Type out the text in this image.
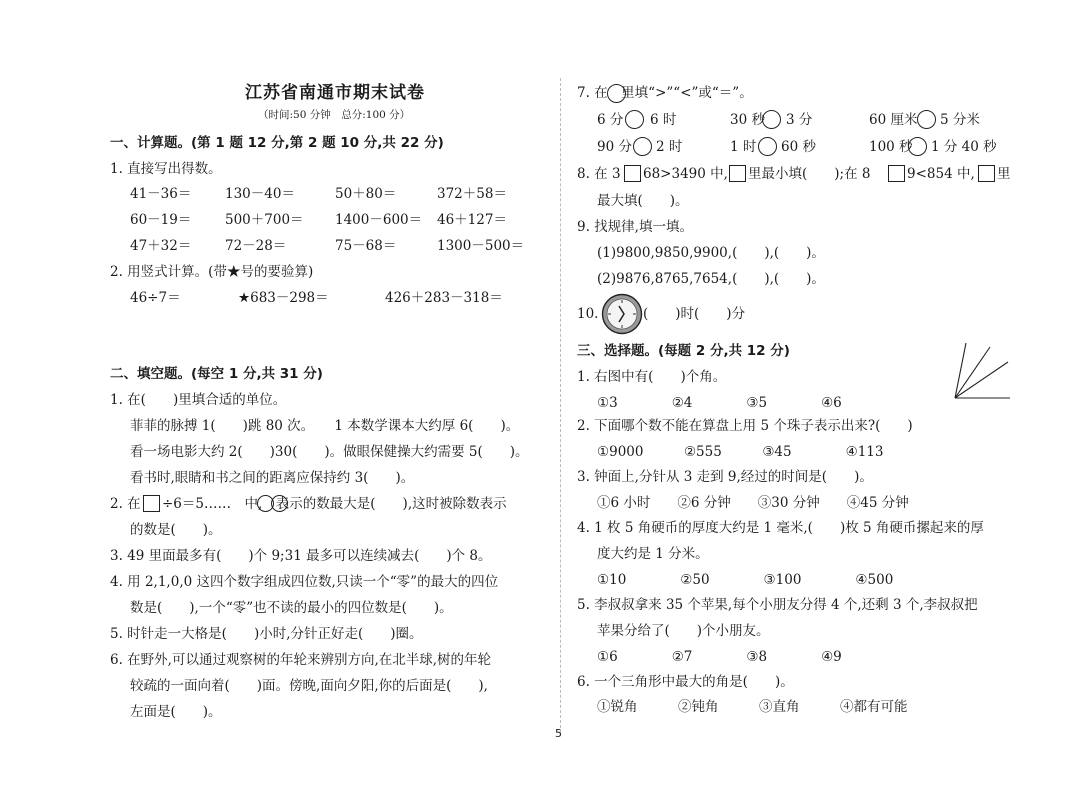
江苏省南通市期末试卷
（时间:50 分钟　总分:100 分）
一、计算题。(第 1 题 12 分,第 2 题 10 分,共 22 分)
1. 直接写出得数。
41－36＝ 130－40＝	50＋80＝	372＋58＝
60－19＝ 500＋700＝ 1400－600＝ 46＋127＝
47＋32＝ 72－28＝	75－68＝	1300－500＝
2. 用竖式计算。(带★号的要验算)
46÷7＝	★683－298＝	426＋283－318＝
二、填空题。(每空 1 分,共 31 分)
1. 在(　　)里填合适的单位。
菲菲的脉搏 1(　　)跳 80 次。　　1 本数学课本大约厚 6(　　)。
看一场电影大约 2(　　)30(　　)。做眼保健操大约需要 5(　　)。
看书时,眼睛和书之间的距离应保持约 3(　　)。
2. 在 ÷6＝5……　中,　表示的数最大是(　　),这时被除数表示
的数是(　　)。
3. 49 里面最多有(　　)个 9;31 最多可以连续减去(　　)个 8。
4. 用 2,1,0,0 这四个数字组成四位数,只读一个“零”的最大的四位
数是(　　),一个“零”也不读的最小的四位数是(　　)。
5. 时针走一大格是(　　)小时,分针正好走(　　)圈。
6. 在野外,可以通过观察树的年轮来辨别方向,在北半球,树的年轮
较疏的一面向着(　　)面。傍晚,面向夕阳,你的后面是(　　),
左面是(　　)。
7. 在　里填“>”“<”或“＝”。
6 分 6 时	30 秒 3 分	60 厘米 5 分米
90 分 2 时	1 时 60 秒	100 秒 1 分 40 秒
8. 在 3 68>3490 中, 里最小填(　　);在 8	9<854 中, 里
最大填(　　)。
9. 找规律,填一填。
(1)9800,9850,9900,(　　),(　　)。
(2)9876,8765,7654,(　　),(　　)。
10.	(　　)时(　　)分
三、选择题。(每题 2 分,共 12 分)
1. 右图中有(　　)个角。
①3　　　　②4　　　　③5　　　　④6
2. 下面哪个数不能在算盘上用 5 个珠子表示出来?(　　)
①9000　　　②555　　　③45　　　　④113
3. 钟面上,分针从 3 走到 9,经过的时间是(　　)。
①6 小时　　②6 分钟　　③30 分钟　　④45 分钟
4. 1 枚 5 角硬币的厚度大约是 1 毫米,(　　)枚 5 角硬币摞起来的厚
度大约是 1 分米。
①10　　　　②50　　　　③100　　　　④500
5. 李叔叔拿来 35 个苹果,每个小朋友分得 4 个,还剩 3 个,李叔叔把
苹果分给了(　　)个小朋友。
①6　　　　②7　　　　③8　　　　④9
6. 一个三角形中最大的角是(　　)。
①锐角　　　②钝角　　　③直角　　　④都有可能
5
